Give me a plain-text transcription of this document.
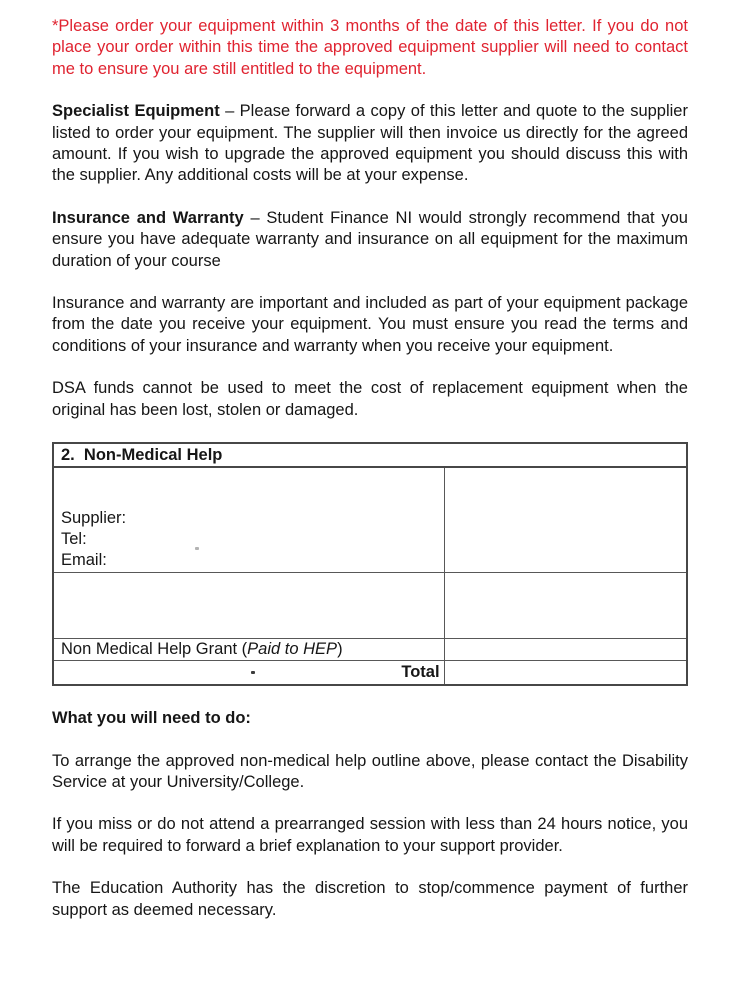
*Please order your equipment within 3 months of the date of this letter. If you do not place your order within this time the approved equipment supplier will need to contact me to ensure you are still entitled to the equipment.

Specialist Equipment – Please forward a copy of this letter and quote to the supplier listed to order your equipment. The supplier will then invoice us directly for the agreed amount. If you wish to upgrade the approved equipment you should discuss this with the supplier. Any additional costs will be at your expense.

Insurance and Warranty – Student Finance NI would strongly recommend that you ensure you have adequate warranty and insurance on all equipment for the maximum duration of your course

Insurance and warranty are important and included as part of your equipment package from the date you receive your equipment. You must ensure you read the terms and conditions of your insurance and warranty when you receive your equipment.

DSA funds cannot be used to meet the cost of replacement equipment when the original has been lost, stolen or damaged.

2.  Non-Medical Help
Supplier:
Tel:
Email:
Non Medical Help Grant (Paid to HEP)
Total

What you will need to do:

To arrange the approved non-medical help outline above, please contact the Disability Service at your University/College.

If you miss or do not attend a prearranged session with less than 24 hours notice, you will be required to forward a brief explanation to your support provider.

The Education Authority has the discretion to stop/commence payment of further support as deemed necessary.
